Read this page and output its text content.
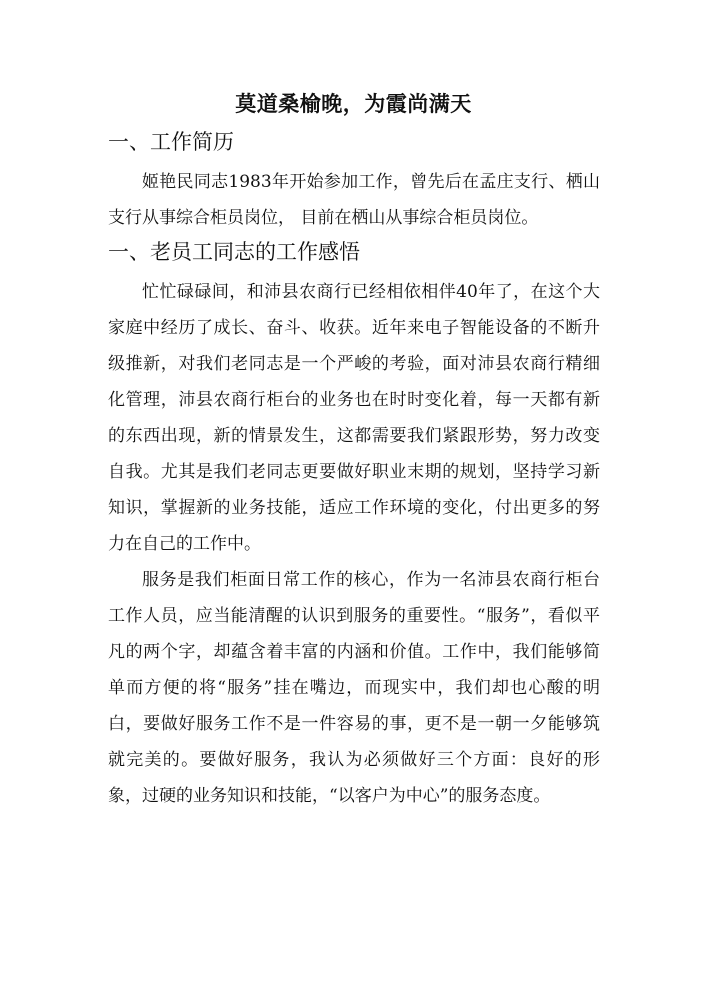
莫道桑榆晚，为霞尚满天
一、工作简历

姬艳民同志1983年开始参加工作，曾先后在孟庄支行、栖山支行从事综合柜员岗位， 目前在栖山从事综合柜员岗位。

一、老员工同志的工作感悟

忙忙碌碌间，和沛县农商行已经相依相伴40年了，在这个大家庭中经历了成长、奋斗、收获。近年来电子智能设备的不断升级推新，对我们老同志是一个严峻的考验，面对沛县农商行精细化管理，沛县农商行柜台的业务也在时时变化着，每一天都有新的东西出现，新的情景发生，这都需要我们紧跟形势，努力改变自我。尤其是我们老同志更要做好职业末期的规划，坚持学习新知识，掌握新的业务技能，适应工作环境的变化，付出更多的努力在自己的工作中。

服务是我们柜面日常工作的核心，作为一名沛县农商行柜台工作人员，应当能清醒的认识到服务的重要性。“服务”，看似平凡的两个字，却蕴含着丰富的内涵和价值。工作中，我们能够简单而方便的将“服务”挂在嘴边，而现实中，我们却也心酸的明白，要做好服务工作不是一件容易的事，更不是一朝一夕能够筑就完美的。要做好服务，我认为必须做好三个方面：良好的形象，过硬的业务知识和技能，“以客户为中心”的服务态度。
